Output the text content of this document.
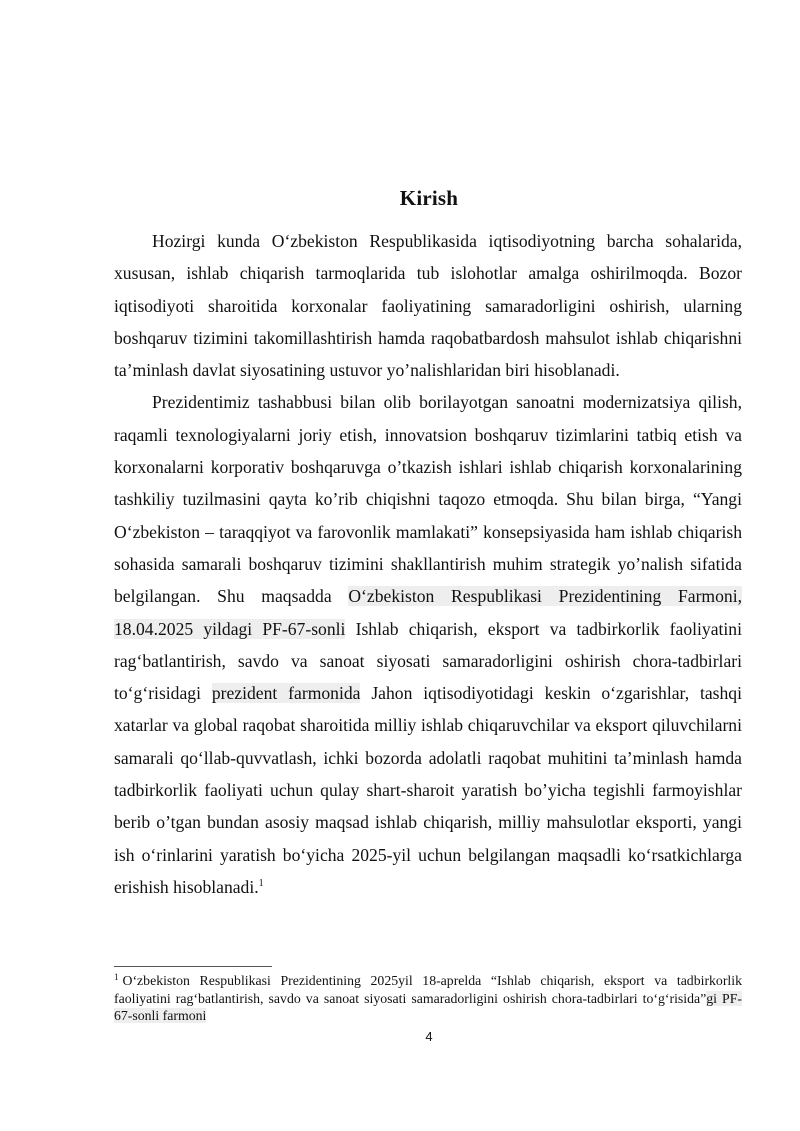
Kirish

Hozirgi kunda O‘zbekiston Respublikasida iqtisodiyotning barcha sohalarida, xususan, ishlab chiqarish tarmoqlarida tub islohotlar amalga oshirilmoqda. Bozor iqtisodiyoti sharoitida korxonalar faoliyatining samaradorligini oshirish, ularning boshqaruv tizimini takomillashtirish hamda raqobatbardosh mahsulot ishlab chiqarishni ta’minlash davlat siyosatining ustuvor yo’nalishlaridan biri hisoblanadi.

Prezidentimiz tashabbusi bilan olib borilayotgan sanoatni modernizatsiya qilish, raqamli texnologiyalarni joriy etish, innovatsion boshqaruv tizimlarini tatbiq etish va korxonalarni korporativ boshqaruvga o’tkazish ishlari ishlab chiqarish korxonalarining tashkiliy tuzilmasini qayta ko’rib chiqishni taqozo etmoqda. Shu bilan birga, “Yangi O‘zbekiston – taraqqiyot va farovonlik mamlakati” konsepsiyasida ham ishlab chiqarish sohasida samarali boshqaruv tizimini shakllantirish muhim strategik yo’nalish sifatida belgilangan. Shu maqsadda O‘zbekiston Respublikasi Prezidentining Farmoni, 18.04.2025 yildagi PF-67-sonli Ishlab chiqarish, eksport va tadbirkorlik faoliyatini rag‘batlantirish, savdo va sanoat siyosati samaradorligini oshirish chora-tadbirlari to‘g‘risidagi prezident farmonida Jahon iqtisodiyotidagi keskin o‘zgarishlar, tashqi xatarlar va global raqobat sharoitida milliy ishlab chiqaruvchilar va eksport qiluvchilarni samarali qo‘llab-quvvatlash, ichki bozorda adolatli raqobat muhitini ta’minlash hamda tadbirkorlik faoliyati uchun qulay shart-sharoit yaratish bo’yicha tegishli farmoyishlar berib o’tgan bundan asosiy maqsad ishlab chiqarish, milliy mahsulotlar eksporti, yangi ish o‘rinlarini yaratish bo‘yicha 2025-yil uchun belgilangan maqsadli ko‘rsatkichlarga erishish hisoblanadi.$^1$

$^1$ O‘zbekiston Respublikasi Prezidentining 2025yil 18-aprelda “Ishlab chiqarish, eksport va tadbirkorlik faoliyatini rag‘batlantirish, savdo va sanoat siyosati samaradorligini oshirish chora-tadbirlari to‘g‘risida”gi PF-67-sonli farmoni
4
